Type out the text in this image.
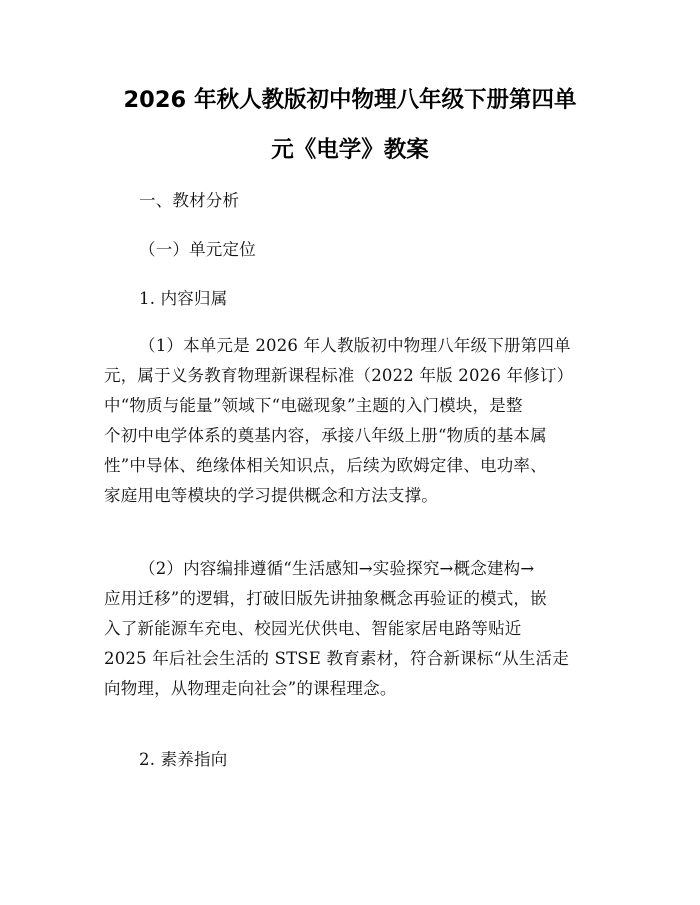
2026 年秋人教版初中物理八年级下册第四单
元《电学》教案
一、教材分析
（一）单元定位
1. 内容归属
（1）本单元是 2026 年人教版初中物理八年级下册第四单
元，属于义务教育物理新课程标准（2022 年版 2026 年修订）
中“物质与能量”领域下“电磁现象”主题的入门模块，是整
个初中电学体系的奠基内容，承接八年级上册“物质的基本属
性”中导体、绝缘体相关知识点，后续为欧姆定律、电功率、
家庭用电等模块的学习提供概念和方法支撑。
（2）内容编排遵循“生活感知→实验探究→概念建构→
应用迁移”的逻辑，打破旧版先讲抽象概念再验证的模式，嵌
入了新能源车充电、校园光伏供电、智能家居电路等贴近
2025 年后社会生活的 STSE 教育素材，符合新课标“从生活走
向物理，从物理走向社会”的课程理念。
2. 素养指向
